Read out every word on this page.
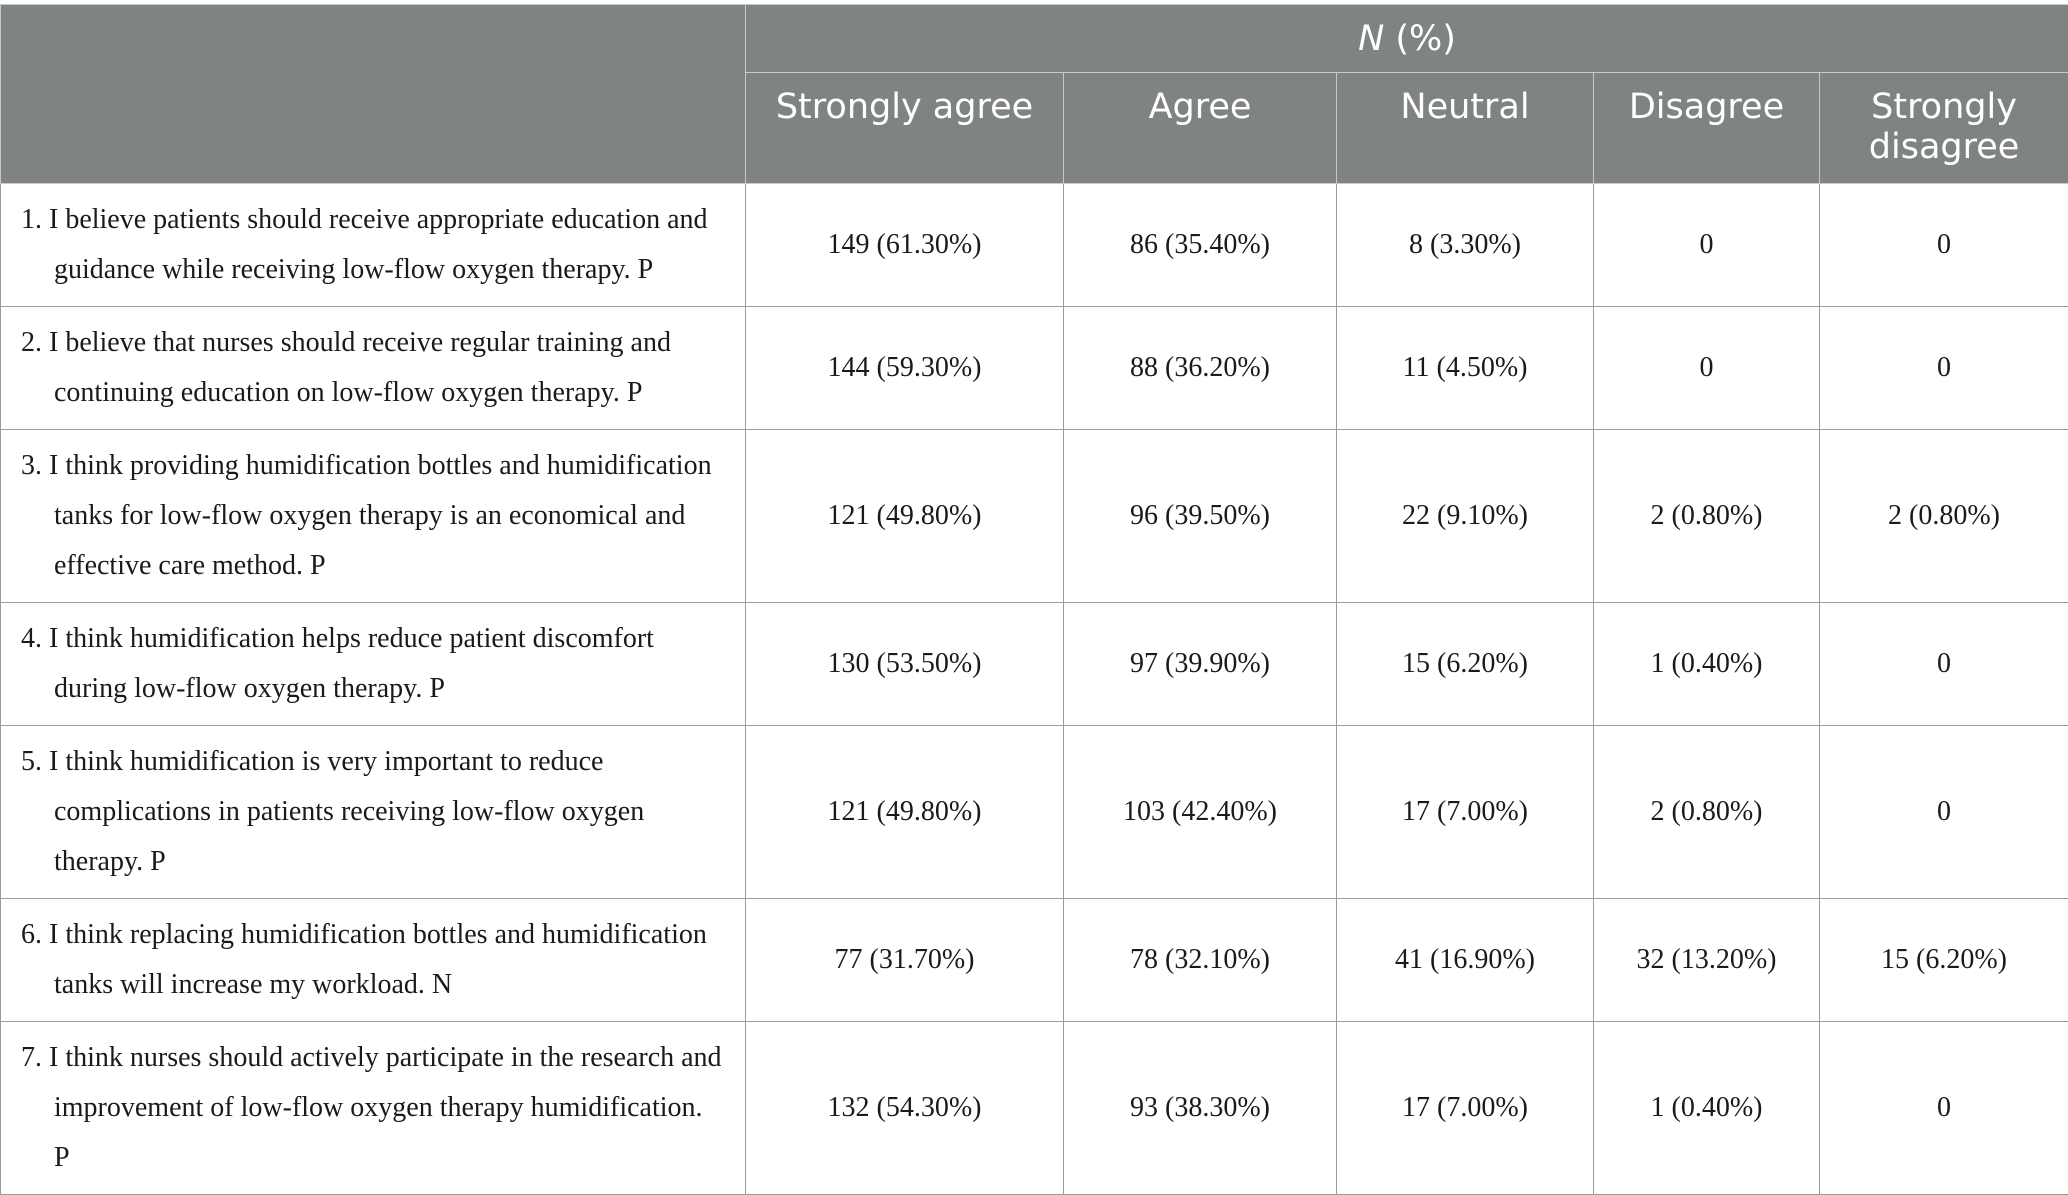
	N (%)				
	Strongly agree	Agree	Neutral	Disagree	Strongly
disagree

1. I believe patients should receive appropriate education and guidance while receiving low-flow oxygen therapy. P	149 (61.30%)	86 (35.40%)	8 (3.30%)	0	0

2. I believe that nurses should receive regular training and continuing education on low-flow oxygen therapy. P	144 (59.30%)	88 (36.20%)	11 (4.50%)	0	0

3. I think providing humidification bottles and humidification tanks for low-flow oxygen therapy is an economical and effective care method. P	121 (49.80%)	96 (39.50%)	22 (9.10%)	2 (0.80%)	2 (0.80%)

4. I think humidification helps reduce patient discomfort during low-flow oxygen therapy. P	130 (53.50%)	97 (39.90%)	15 (6.20%)	1 (0.40%)	0

5. I think humidification is very important to reduce complications in patients receiving low-flow oxygen therapy. P	121 (49.80%)	103 (42.40%)	17 (7.00%)	2 (0.80%)	0

6. I think replacing humidification bottles and humidification tanks will increase my workload. N	77 (31.70%)	78 (32.10%)	41 (16.90%)	32 (13.20%)	15 (6.20%)

7. I think nurses should actively participate in the research and improvement of low-flow oxygen therapy humidification. P	132 (54.30%)	93 (38.30%)	17 (7.00%)	1 (0.40%)	0
